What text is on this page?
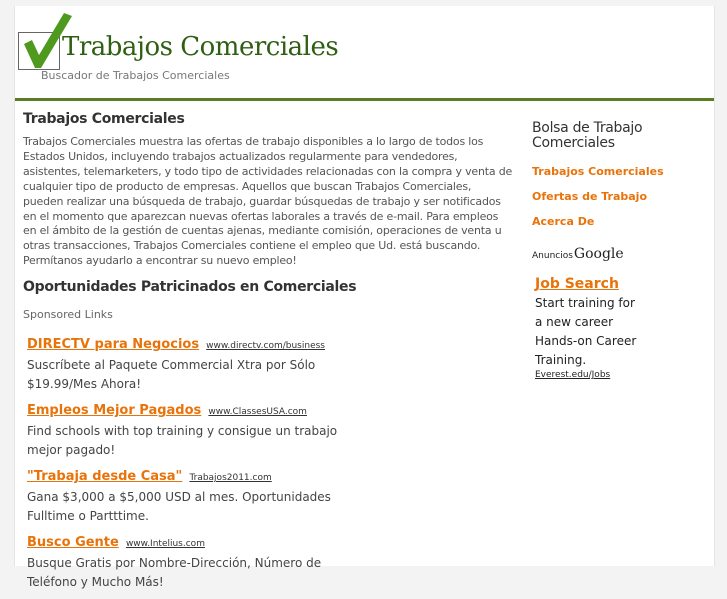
Trabajos Comerciales
Buscador de Trabajos Comerciales
Trabajos Comerciales

Trabajos Comerciales muestra las ofertas de trabajo disponibles a lo largo de todos los Estados Unidos, incluyendo trabajos actualizados regularmente para vendedores, asistentes, telemarketers, y todo tipo de actividades relacionadas con la compra y venta de cualquier tipo de producto de empresas. Aquellos que buscan Trabajos Comerciales, pueden realizar una búsqueda de trabajo, guardar búsquedas de trabajo y ser notificados en el momento que aparezcan nuevas ofertas laborales a través de e-mail. Para empleos en el ámbito de la gestión de cuentas ajenas, mediante comisión, operaciones de venta u otras transacciones, Trabajos Comerciales contiene el empleo que Ud. está buscando. Permítanos ayudarlo a encontrar su nuevo empleo!

Oportunidades Patricinados en Comerciales
Sponsored Links
DIRECTV para Negocios www.directv.com/business
Suscríbete al Paquete Commercial Xtra por Sólo $19.99/Mes Ahora!
Empleos Mejor Pagados www.ClassesUSA.com
Find schools with top training y consigue un trabajo mejor pagado!
"Trabaja desde Casa" Trabajos2011.com
Gana $3,000 a $5,000 USD al mes. Oportunidades Fulltime o Partttime.
Busco Gente www.Intelius.com
Busque Gratis por Nombre-Dirección, Número de Teléfono y Mucho Más!
Bolsa de Trabajo Comerciales
Trabajos Comerciales
Ofertas de Trabajo
Acerca De
AnunciosGoogle
Job Search
Start training for a new career Hands-on Career Training.
Everest.edu/Jobs
